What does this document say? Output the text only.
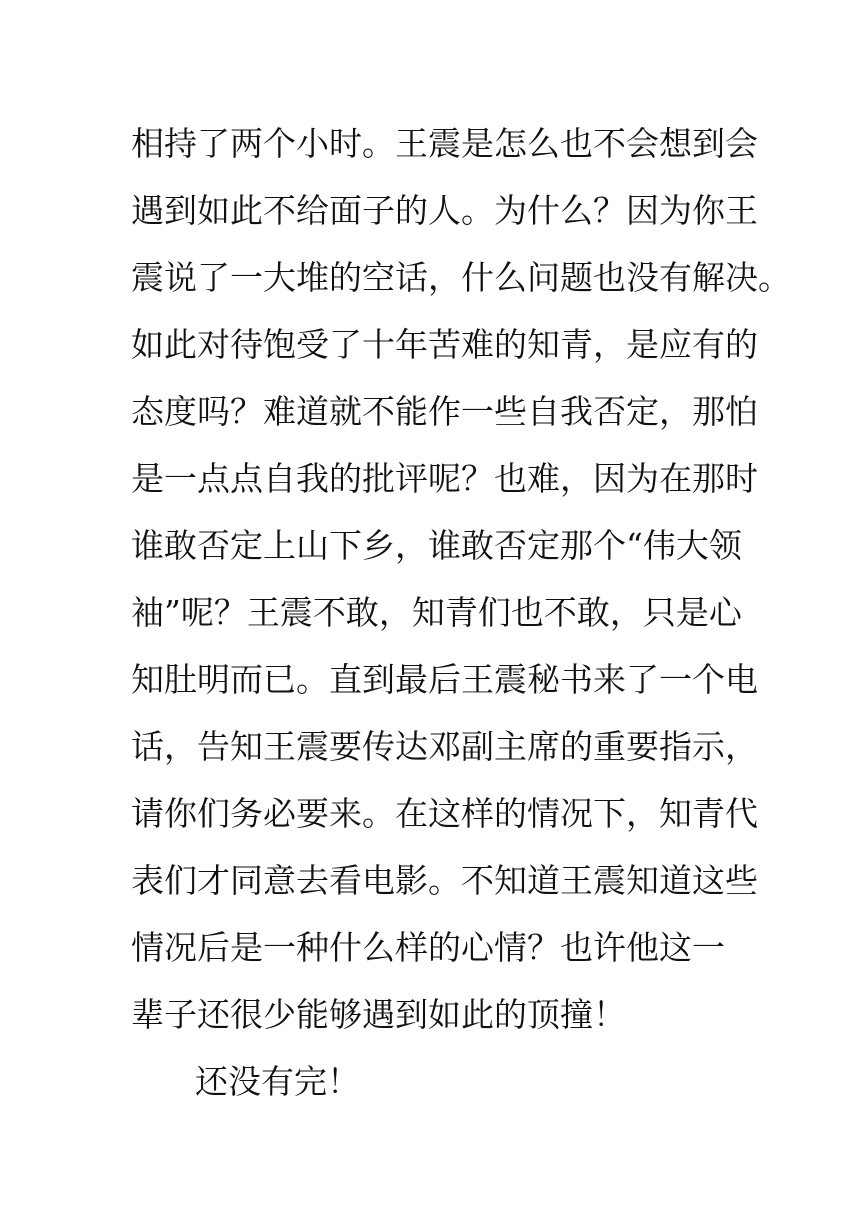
相持了两个小时。王震是怎么也不会想到会
遇到如此不给面子的人。为什么？因为你王
震说了一大堆的空话，什么问题也没有解决。
如此对待饱受了十年苦难的知青，是应有的
态度吗？难道就不能作一些自我否定，那怕
是一点点自我的批评呢？也难，因为在那时
谁敢否定上山下乡，谁敢否定那个“伟大领
袖”呢？王震不敢，知青们也不敢，只是心
知肚明而已。直到最后王震秘书来了一个电
话，告知王震要传达邓副主席的重要指示，
请你们务必要来。在这样的情况下，知青代
表们才同意去看电影。不知道王震知道这些
情况后是一种什么样的心情？也许他这一
辈子还很少能够遇到如此的顶撞！
还没有完！
